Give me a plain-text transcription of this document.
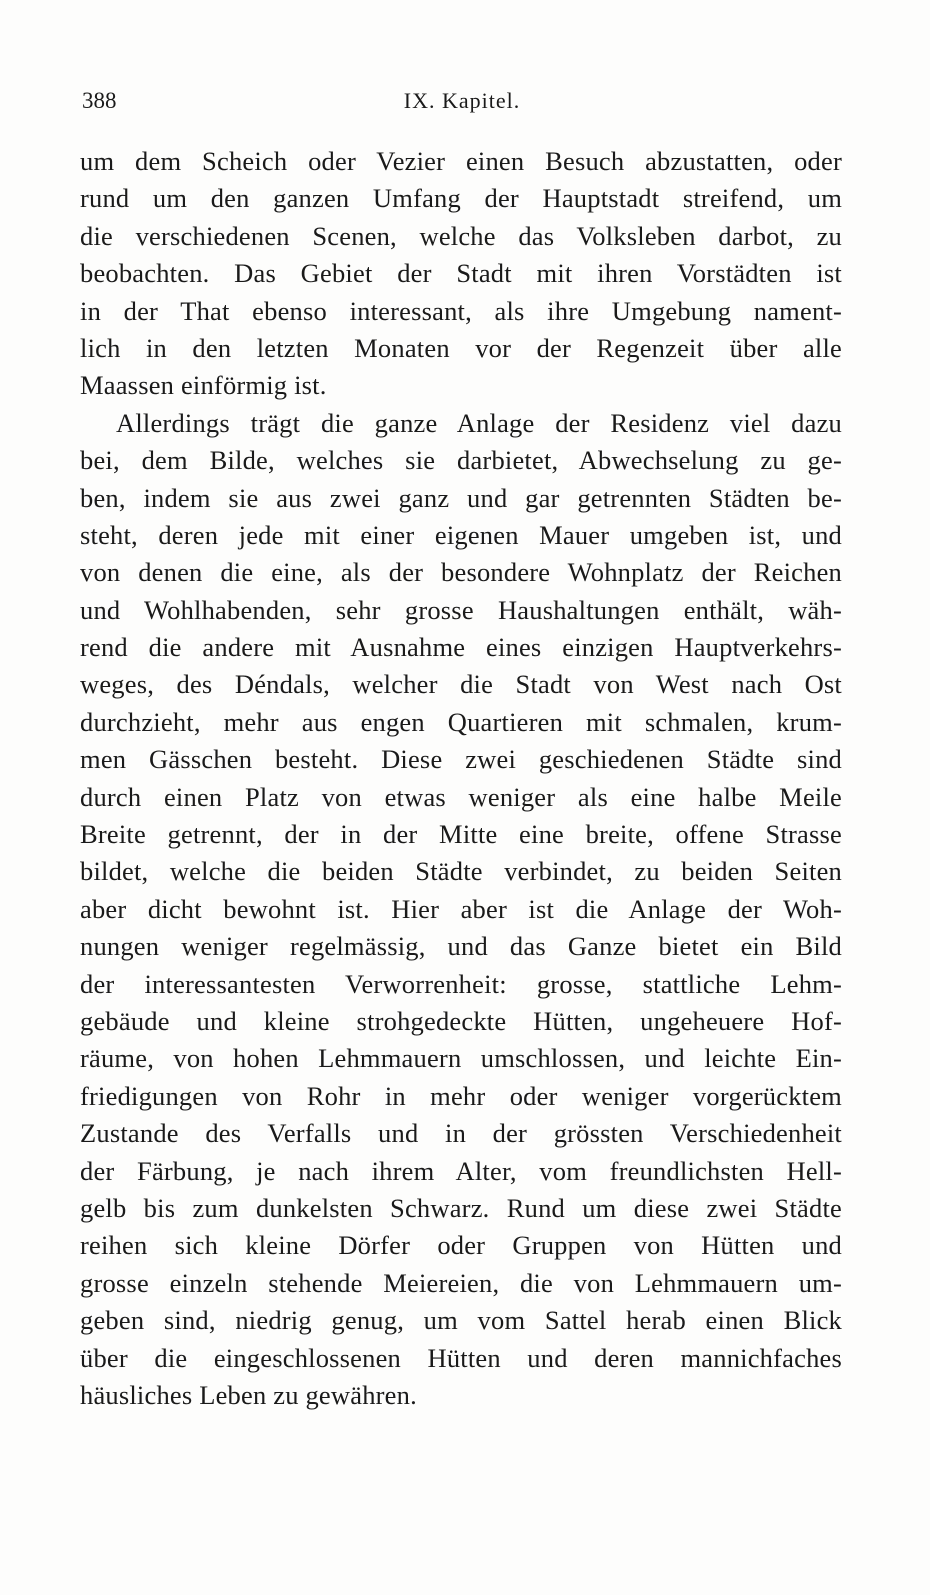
388	IX. Kapitel.
um dem Scheich oder Vezier einen Besuch abzustatten, oder
rund um den ganzen Umfang der Hauptstadt streifend, um
die verschiedenen Scenen, welche das Volksleben darbot, zu
beobachten. Das Gebiet der Stadt mit ihren Vorstädten ist
in der That ebenso interessant, als ihre Umgebung nament-
lich in den letzten Monaten vor der Regenzeit über alle
Maassen einförmig ist.
Allerdings trägt die ganze Anlage der Residenz viel dazu
bei, dem Bilde, welches sie darbietet, Abwechselung zu ge-
ben, indem sie aus zwei ganz und gar getrennten Städten be-
steht, deren jede mit einer eigenen Mauer umgeben ist, und
von denen die eine, als der besondere Wohnplatz der Reichen
und Wohlhabenden, sehr grosse Haushaltungen enthält, wäh-
rend die andere mit Ausnahme eines einzigen Hauptverkehrs-
weges, des Déndals, welcher die Stadt von West nach Ost
durchzieht, mehr aus engen Quartieren mit schmalen, krum-
men Gässchen besteht. Diese zwei geschiedenen Städte sind
durch einen Platz von etwas weniger als eine halbe Meile
Breite getrennt, der in der Mitte eine breite, offene Strasse
bildet, welche die beiden Städte verbindet, zu beiden Seiten
aber dicht bewohnt ist. Hier aber ist die Anlage der Woh-
nungen weniger regelmässig, und das Ganze bietet ein Bild
der interessantesten Verworrenheit: grosse, stattliche Lehm-
gebäude und kleine strohgedeckte Hütten, ungeheuere Hof-
räume, von hohen Lehmmauern umschlossen, und leichte Ein-
friedigungen von Rohr in mehr oder weniger vorgerücktem
Zustande des Verfalls und in der grössten Verschiedenheit
der Färbung, je nach ihrem Alter, vom freundlichsten Hell-
gelb bis zum dunkelsten Schwarz. Rund um diese zwei Städte
reihen sich kleine Dörfer oder Gruppen von Hütten und
grosse einzeln stehende Meiereien, die von Lehmmauern um-
geben sind, niedrig genug, um vom Sattel herab einen Blick
über die eingeschlossenen Hütten und deren mannichfaches
häusliches Leben zu gewähren.
